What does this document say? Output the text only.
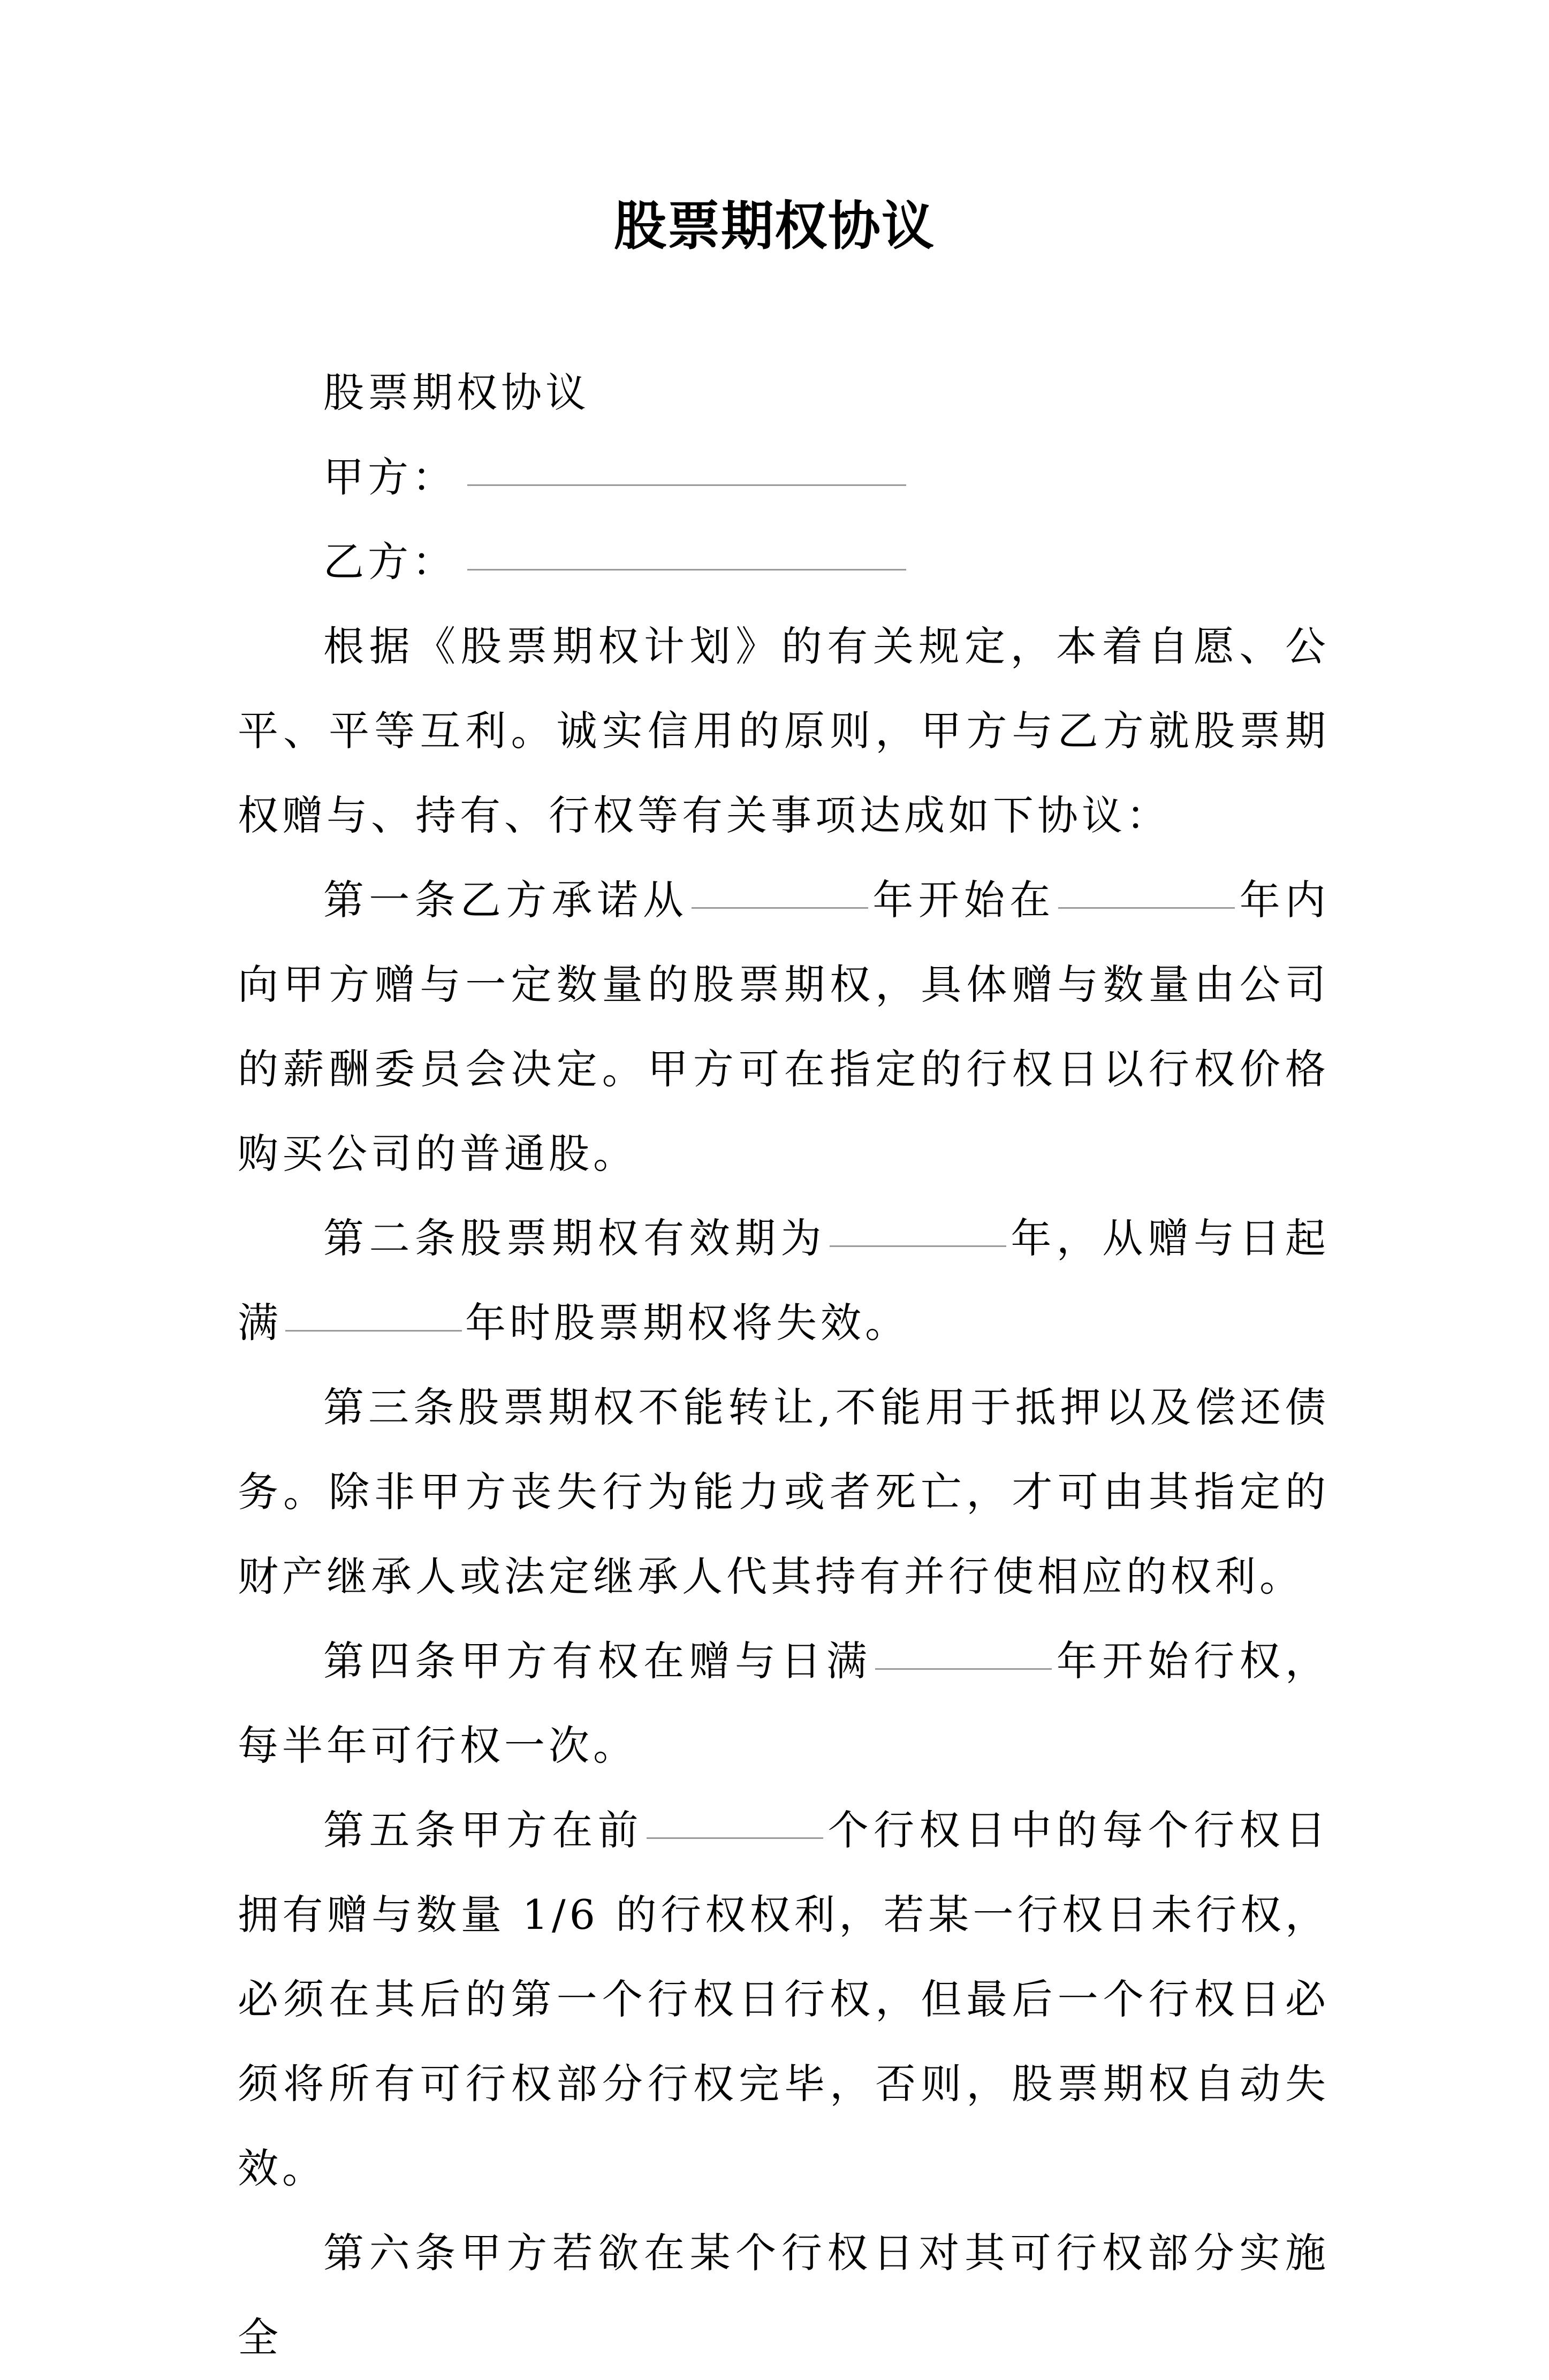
股票期权协议

股票期权协议

甲方：

乙方：

根据《股票期权计划》的有关规定，本着自愿、公平、平等互利。诚实信用的原则，甲方与乙方就股票期权赠与、持有、行权等有关事项达成如下协议：

第一条乙方承诺从	年开始在	年内向甲方赠与一定数量的股票期权，具体赠与数量由公司的薪酬委员会决定。甲方可在指定的行权日以行权价格购买公司的普通股。

第二条股票期权有效期为	年，从赠与日起满	年时股票期权将失效。

第三条股票期权不能转让,不能用于抵押以及偿还债务。除非甲方丧失行为能力或者死亡，才可由其指定的财产继承人或法定继承人代其持有并行使相应的权利。

第四条甲方有权在赠与日满	年开始行权，每半年可行权一次。

第五条甲方在前	个行权日中的每个行权日拥有赠与数量 1/6 的行权权利，若某一行权日未行权，必须在其后的第一个行权日行权，但最后一个行权日必须将所有可行权部分行权完毕，否则，股票期权自动失效。

第六条甲方若欲在某个行权日对其可行权部分实施全
